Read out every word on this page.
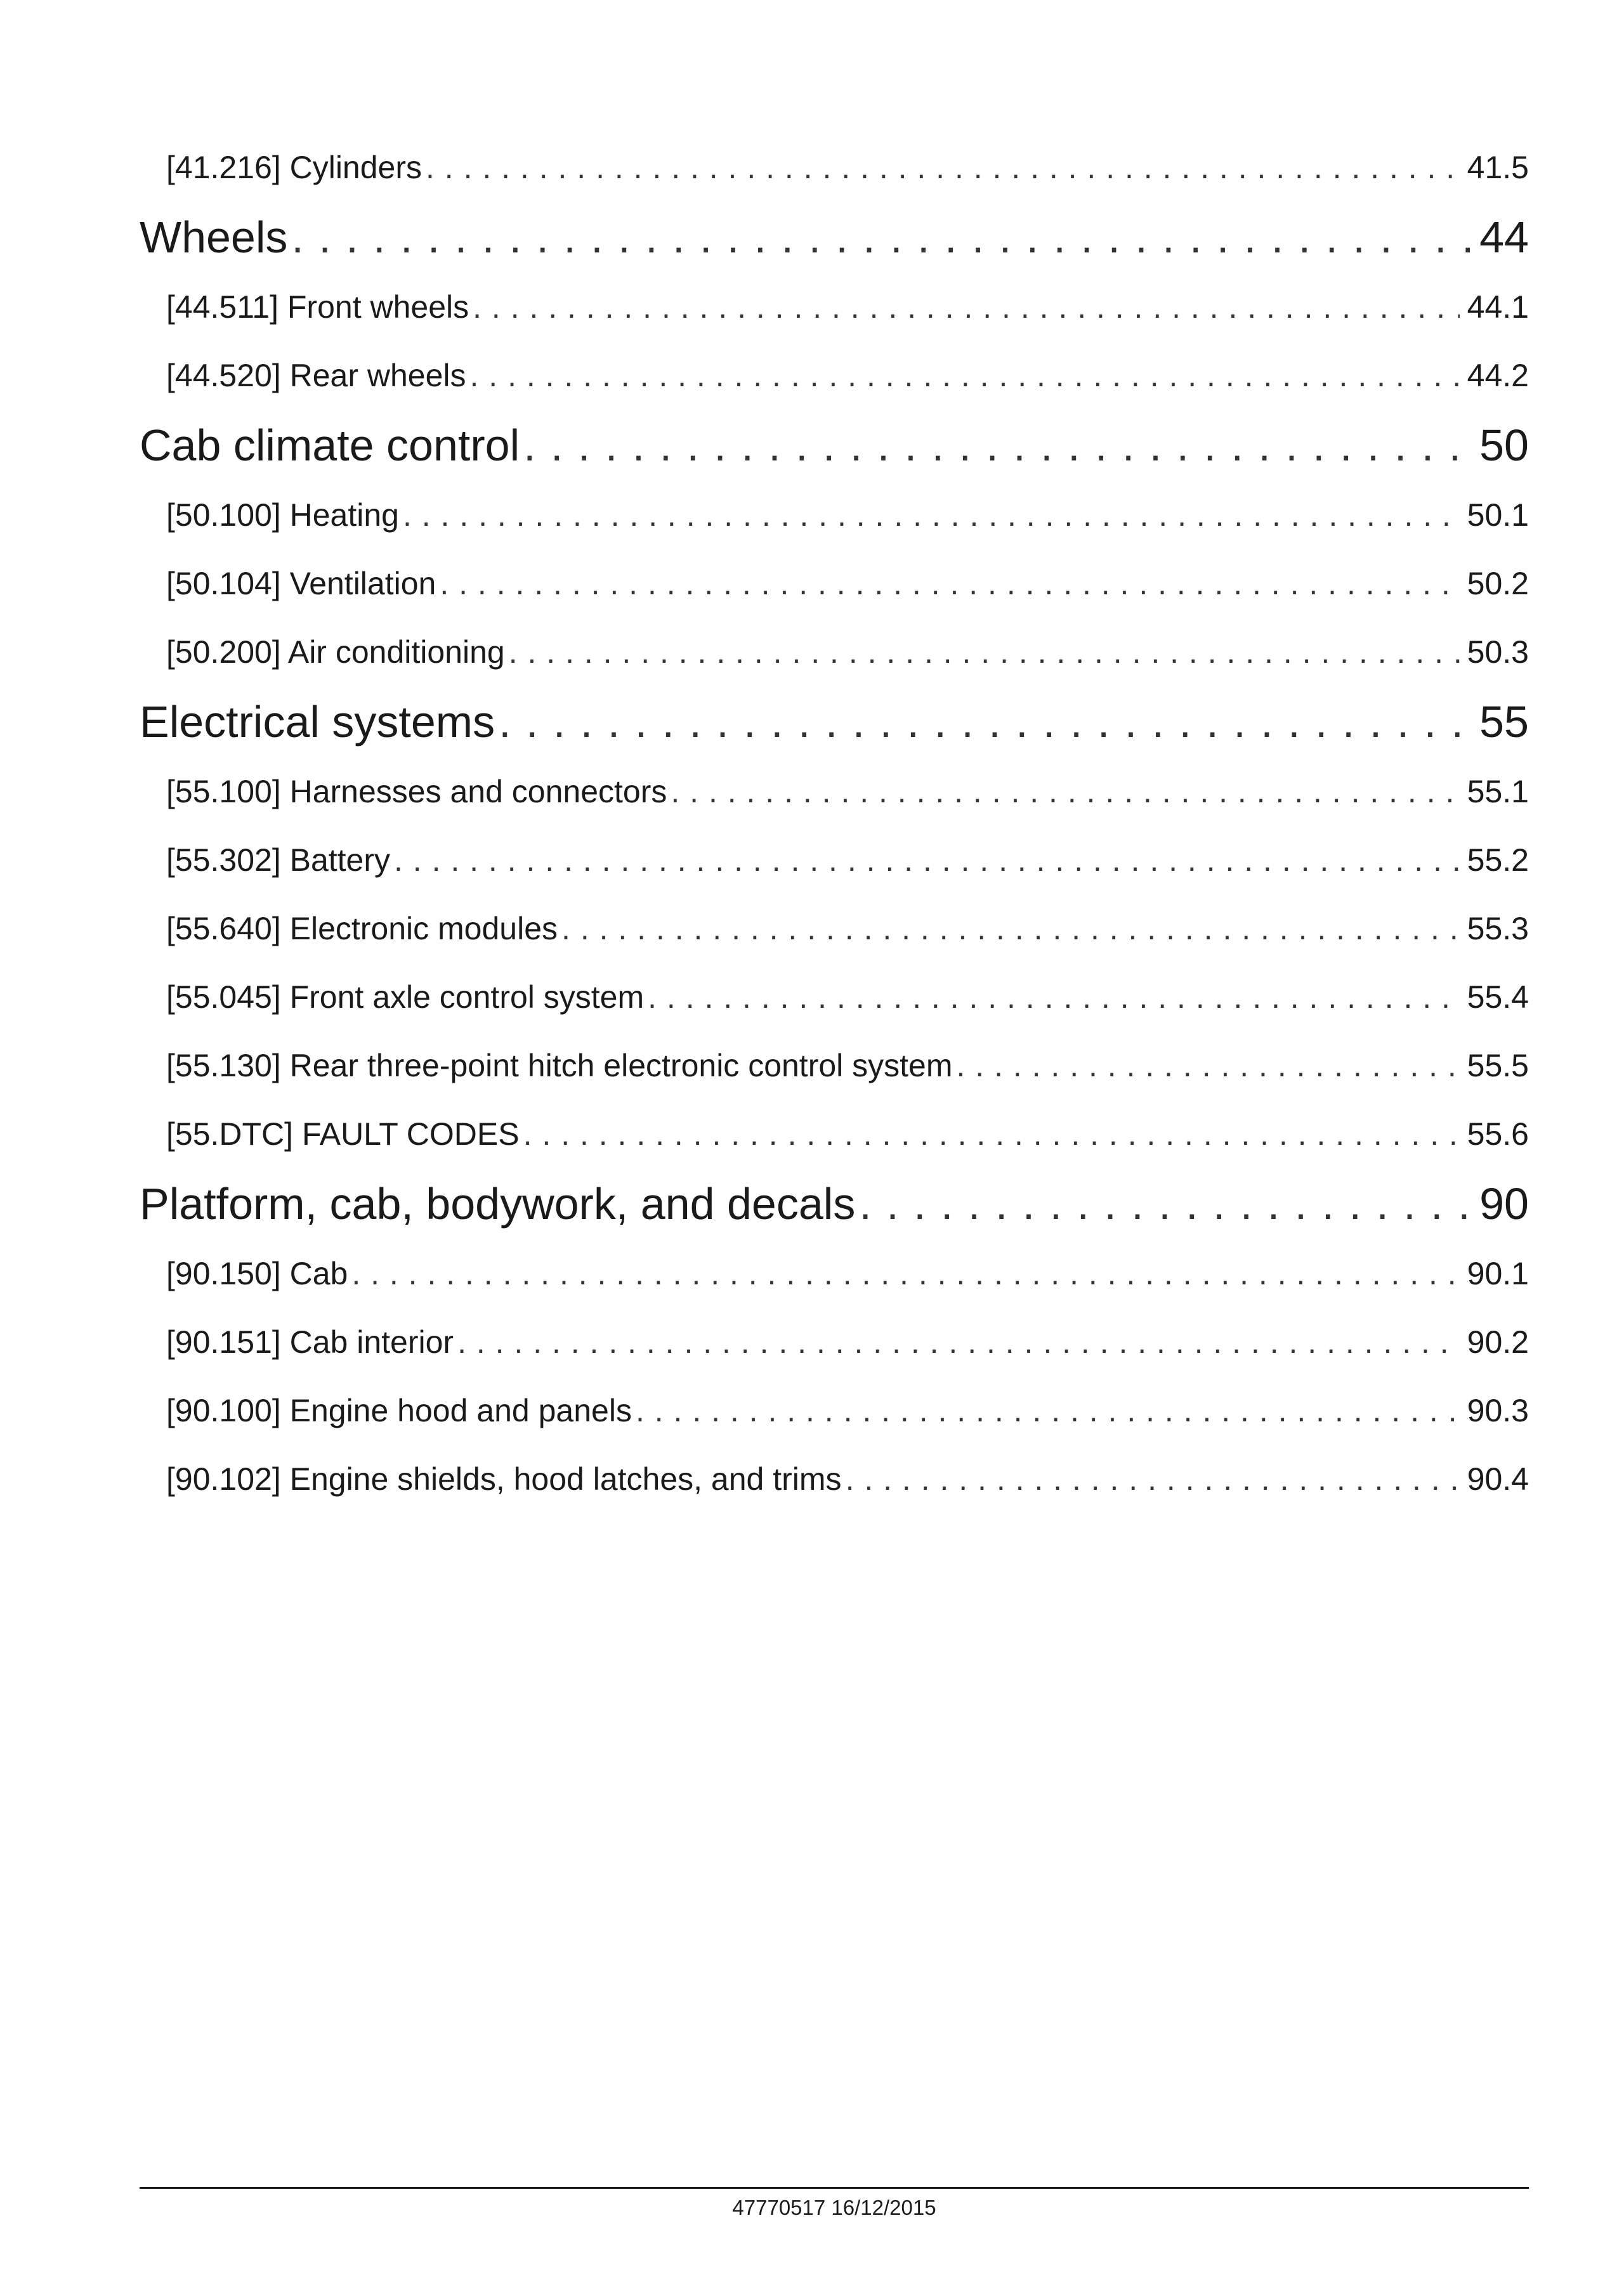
[41.216] Cylinders . . .	41.5
Wheels . . .	44
[44.511] Front wheels . . .	44.1
[44.520] Rear wheels . . .	44.2
Cab climate control . . .	50
[50.100] Heating . . .	50.1
[50.104] Ventilation . . .	50.2
[50.200] Air conditioning . . .	50.3
Electrical systems . . .	55
[55.100] Harnesses and connectors . . .	55.1
[55.302] Battery . . .	55.2
[55.640] Electronic modules . . .	55.3
[55.045] Front axle control system . . .	55.4
[55.130] Rear three-point hitch electronic control system . . .	55.5
[55.DTC] FAULT CODES . . .	55.6
Platform, cab, bodywork, and decals . . .	90
[90.150] Cab . . .	90.1
[90.151] Cab interior . . .	90.2
[90.100] Engine hood and panels . . .	90.3
[90.102] Engine shields, hood latches, and trims . . .	90.4
47770517 16/12/2015
